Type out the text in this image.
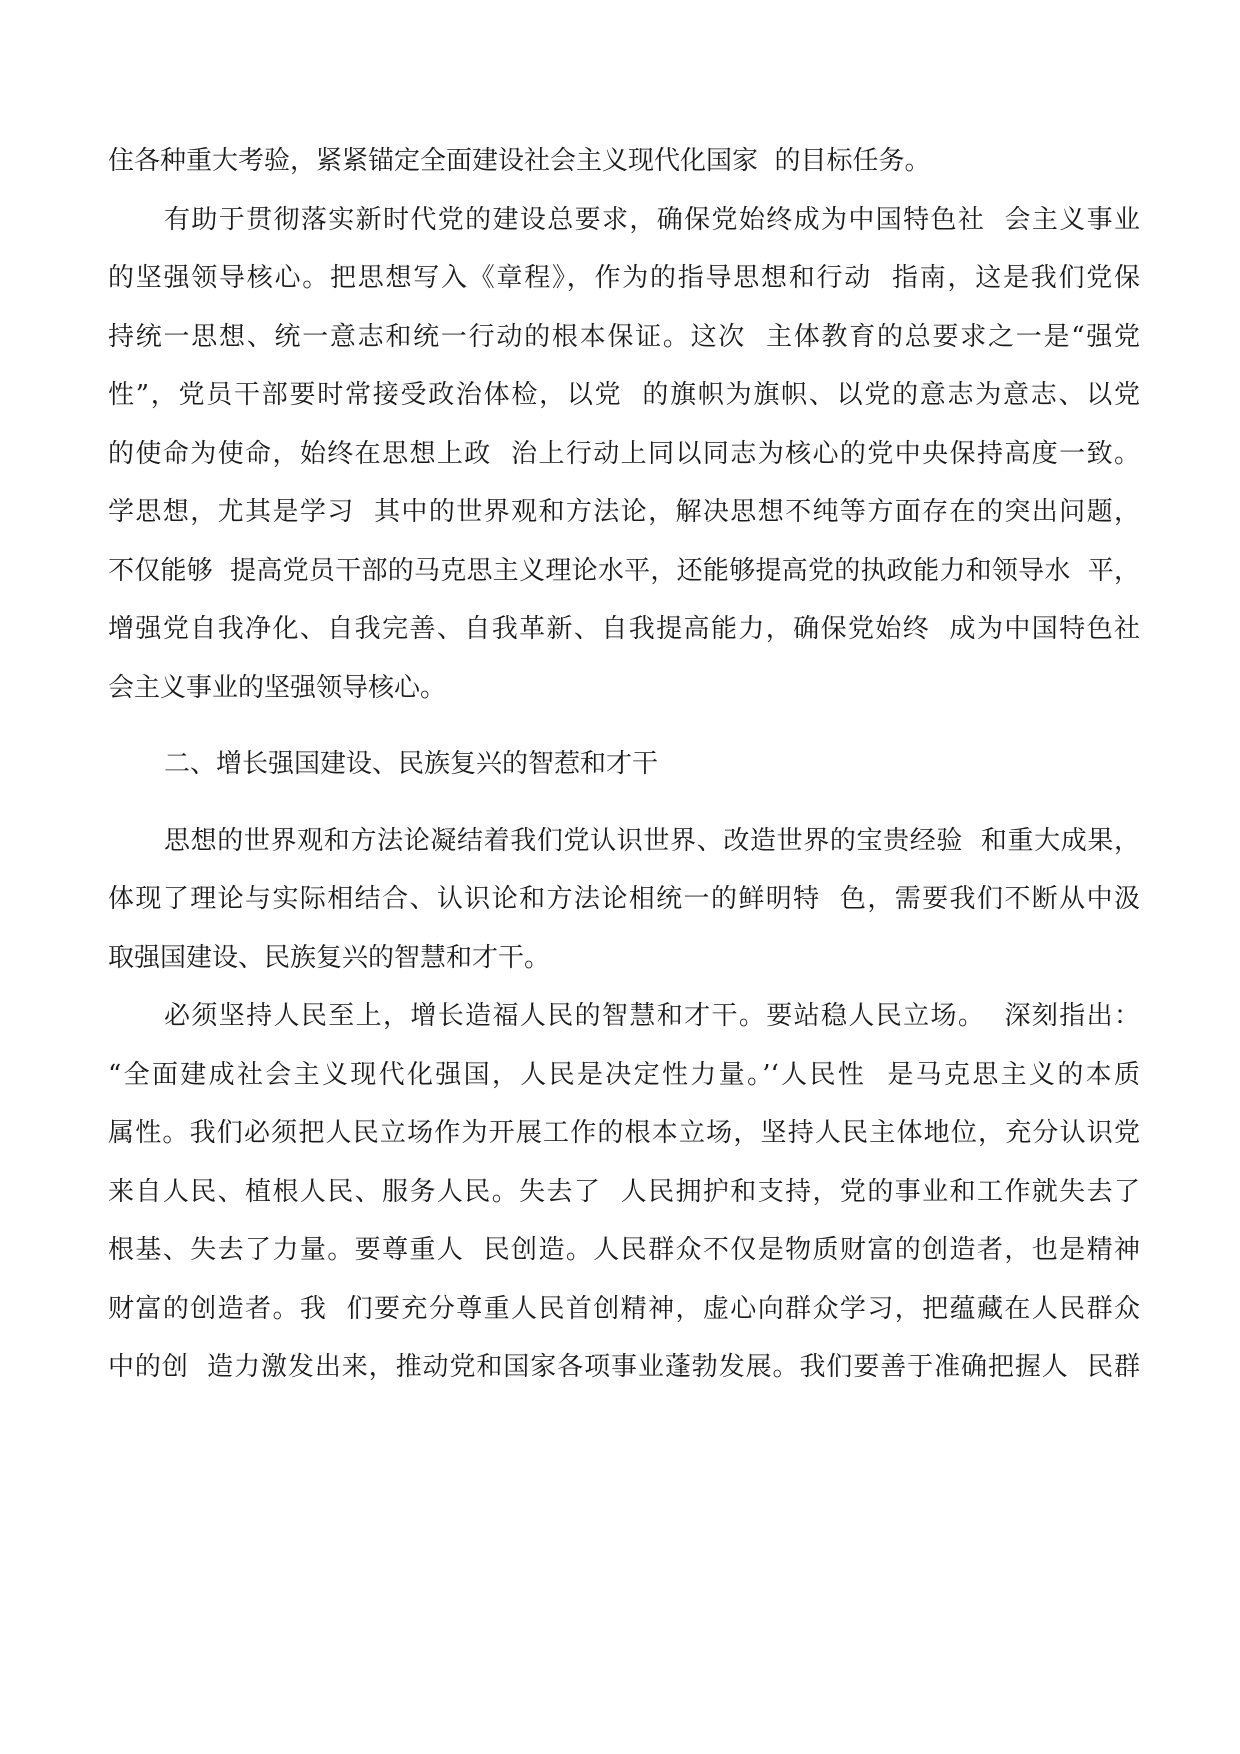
住各种重大考验，紧紧锚定全面建设社会主义现代化国家  的目标任务。
有助于贯彻落实新时代党的建设总要求，确保党始终成为中国特色社  会主义事业
的坚强领导核心。把思想写入《章程》，作为的指导思想和行动  指南，这是我们党保
持统一思想、统一意志和统一行动的根本保证。这次  主体教育的总要求之一是“强党
性”，党员干部要时常接受政治体检，以党  的旗帜为旗帜、以党的意志为意志、以党
的使命为使命，始终在思想上政  治上行动上同以同志为核心的党中央保持高度一致。
学思想，尤其是学习  其中的世界观和方法论，解决思想不纯等方面存在的突出问题，
不仅能够  提高党员干部的马克思主义理论水平，还能够提高党的执政能力和领导水  平，
增强党自我净化、自我完善、自我革新、自我提高能力，确保党始终  成为中国特色社
会主义事业的坚强领导核心。
二、增长强国建设、民族复兴的智惹和才干
思想的世界观和方法论凝结着我们党认识世界、改造世界的宝贵经验  和重大成果，
体现了理论与实际相结合、认识论和方法论相统一的鲜明特  色，需要我们不断从中汲
取强国建设、民族复兴的智慧和才干。
必须坚持人民至上，增长造福人民的智慧和才干。要站稳人民立场。  深刻指出：
“全面建成社会主义现代化强国，人民是决定性力量。’‘人民性  是马克思主义的本质
属性。我们必须把人民立场作为开展工作的根本立场，坚持人民主体地位，充分认识党
来自人民、植根人民、服务人民。失去了  人民拥护和支持，党的事业和工作就失去了
根基、失去了力量。要尊重人  民创造。人民群众不仅是物质财富的创造者，也是精神
财富的创造者。我  们要充分尊重人民首创精神，虚心向群众学习，把蕴藏在人民群众
中的创  造力激发出来，推动党和国家各项事业蓬勃发展。我们要善于准确把握人  民群
